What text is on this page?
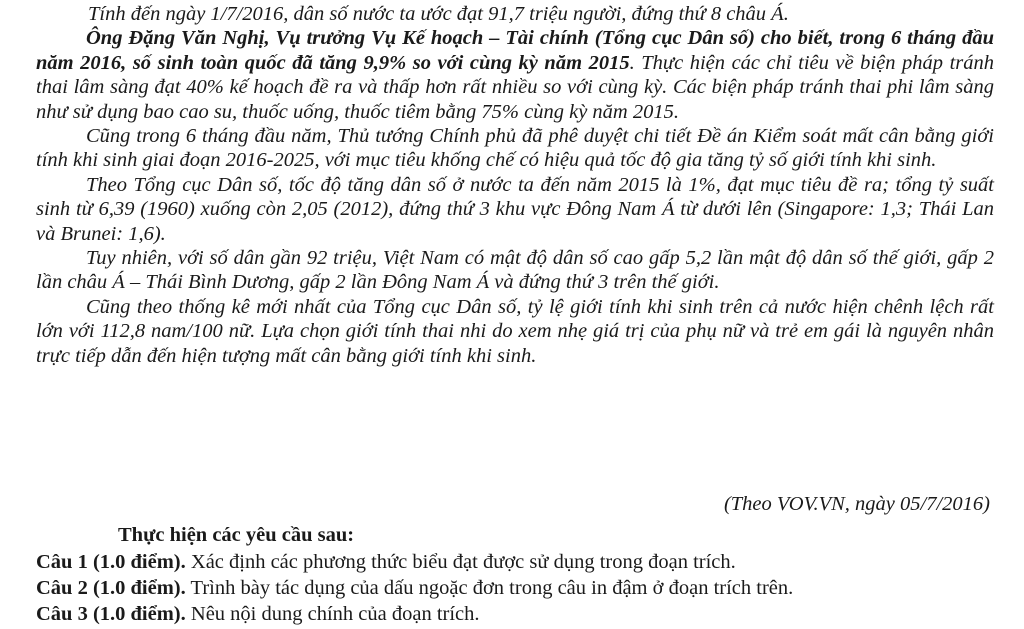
Tính đến ngày 1/7/2016, dân số nước ta ước đạt 91,7 triệu người, đứng thứ 8 châu Á.

Ông Đặng Văn Nghị, Vụ trưởng Vụ Kế hoạch – Tài chính (Tổng cục Dân số) cho biết, trong 6 tháng đầu năm 2016, số sinh toàn quốc đã tăng 9,9% so với cùng kỳ năm 2015. Thực hiện các chỉ tiêu về biện pháp tránh thai lâm sàng đạt 40% kế hoạch đề ra và thấp hơn rất nhiều so với cùng kỳ. Các biện pháp tránh thai phi lâm sàng như sử dụng bao cao su, thuốc uống, thuốc tiêm bằng 75% cùng kỳ năm 2015.

Cũng trong 6 tháng đầu năm, Thủ tướng Chính phủ đã phê duyệt chi tiết Đề án Kiểm soát mất cân bằng giới tính khi sinh giai đoạn 2016-2025, với mục tiêu khống chế có hiệu quả tốc độ gia tăng tỷ số giới tính khi sinh.

Theo Tổng cục Dân số, tốc độ tăng dân số ở nước ta đến năm 2015 là 1%, đạt mục tiêu đề ra; tổng tỷ suất sinh từ 6,39 (1960) xuống còn 2,05 (2012), đứng thứ 3 khu vực Đông Nam Á từ dưới lên (Singapore: 1,3; Thái Lan và Brunei: 1,6).

Tuy nhiên, với số dân gần 92 triệu, Việt Nam có mật độ dân số cao gấp 5,2 lần mật độ dân số thế giới, gấp 2 lần châu Á – Thái Bình Dương, gấp 2 lần Đông Nam Á và đứng thứ 3 trên thế giới.

Cũng theo thống kê mới nhất của Tổng cục Dân số, tỷ lệ giới tính khi sinh trên cả nước hiện chênh lệch rất lớn với 112,8 nam/100 nữ. Lựa chọn giới tính thai nhi do xem nhẹ giá trị của phụ nữ và trẻ em gái là nguyên nhân trực tiếp dẫn đến hiện tượng mất cân bằng giới tính khi sinh.

(Theo VOV.VN, ngày 05/7/2016)
Thực hiện các yêu cầu sau:
Câu 1 (1.0 điểm). Xác định các phương thức biểu đạt được sử dụng trong đoạn trích.
Câu 2 (1.0 điểm). Trình bày tác dụng của dấu ngoặc đơn trong câu in đậm ở đoạn trích trên.
Câu 3 (1.0 điểm). Nêu nội dung chính của đoạn trích.
